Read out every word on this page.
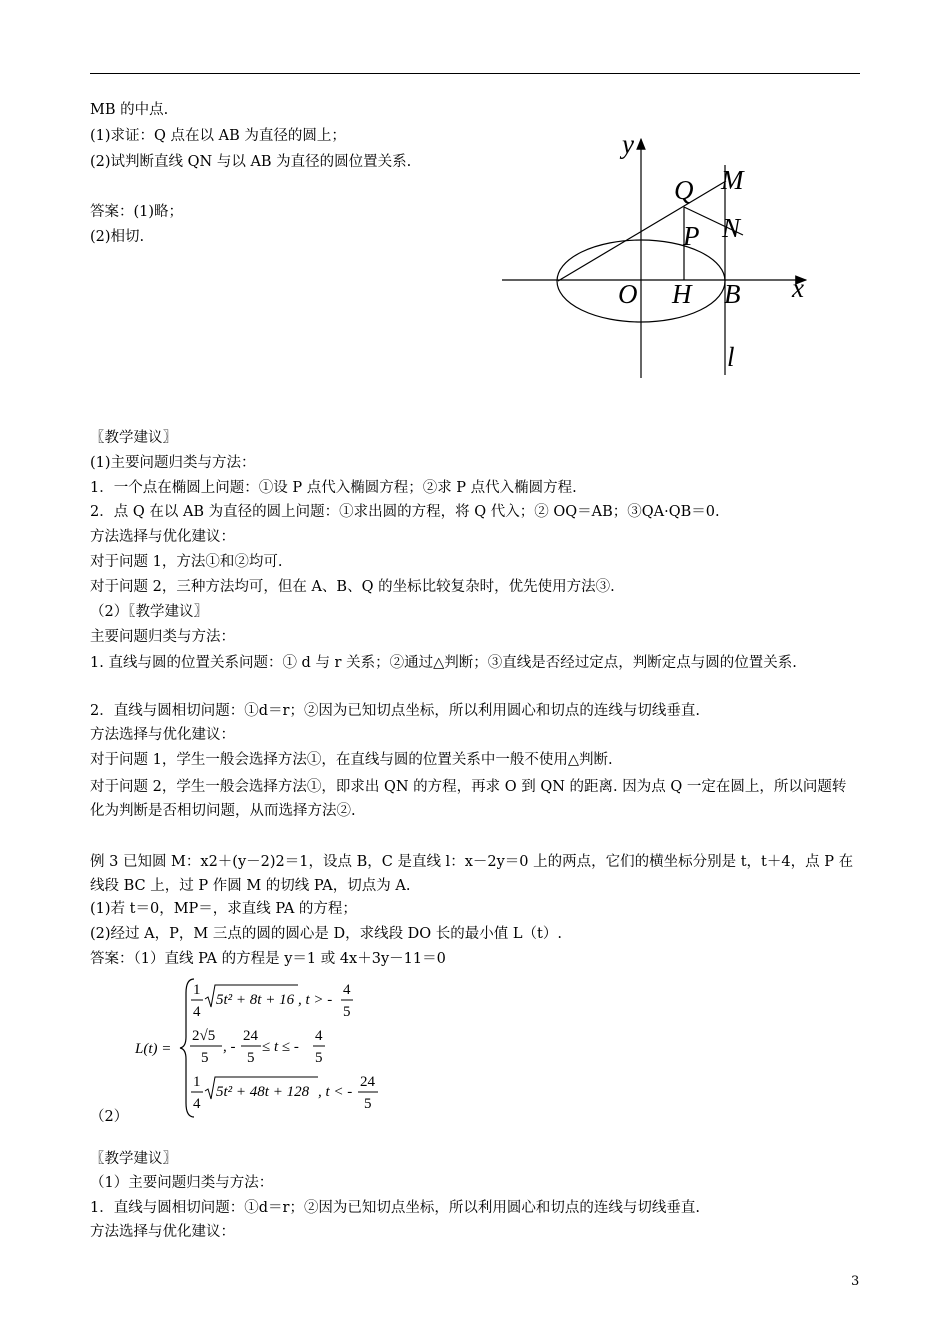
MB 的中点.
(1)求证：Q 点在以 AB 为直径的圆上；
(2)试判断直线 QN 与以 AB 为直径的圆位置关系.
答案：(1)略；
(2)相切.
y
x
Q M
N
P
O H B
l
〖教学建议〗
(1)主要问题归类与方法：
1．一个点在椭圆上问题：①设 P 点代入椭圆方程；②求 P 点代入椭圆方程.
2．点 Q 在以 AB 为直径的圆上问题：①求出圆的方程，将 Q 代入；② OQ＝AB；③QA·QB＝0.
方法选择与优化建议：
对于问题 1，方法①和②均可.
对于问题 2，三种方法均可，但在 A、B、Q 的坐标比较复杂时，优先使用方法③.
（2）〖教学建议〗
主要问题归类与方法：
1. 直线与圆的位置关系问题：① d 与 r 关系；②通过△判断；③直线是否经过定点，判断定点与圆的位置关系.
2．直线与圆相切问题：①d＝r；②因为已知切点坐标，所以利用圆心和切点的连线与切线垂直.
方法选择与优化建议：
对于问题 1，学生一般会选择方法①，在直线与圆的位置关系中一般不使用△判断.
对于问题 2，学生一般会选择方法①，即求出 QN 的方程，再求 O 到 QN 的距离. 因为点 Q 一定在圆上，所以问题转化为判断是否相切问题，从而选择方法②.
例 3 已知圆 M：x2＋(y－2)2＝1，设点 B，C 是直线 l：x－2y＝0 上的两点，它们的横坐标分别是 t，t＋4，点 P 在线段 BC 上，过 P 作圆 M 的切线 PA，切点为 A.
(1)若 t＝0，MP＝，求直线 PA 的方程；
(2)经过 A，P，M 三点的圆的圆心是 D，求线段 DO 长的最小值 L（t）.
答案：（1）直线 PA 的方程是 y＝1 或 4x＋3y－11＝0
L(t) =
1
4
5t² + 8t + 16 , t > -
4
5
2√5
5
, -
24
5
≤ t ≤ -
4
5
1
4
5t² + 48t + 128 , t < -
24
5
（2）
〖教学建议〗
（1）主要问题归类与方法：
1．直线与圆相切问题：①d＝r；②因为已知切点坐标，所以利用圆心和切点的连线与切线垂直.
方法选择与优化建议：
3
